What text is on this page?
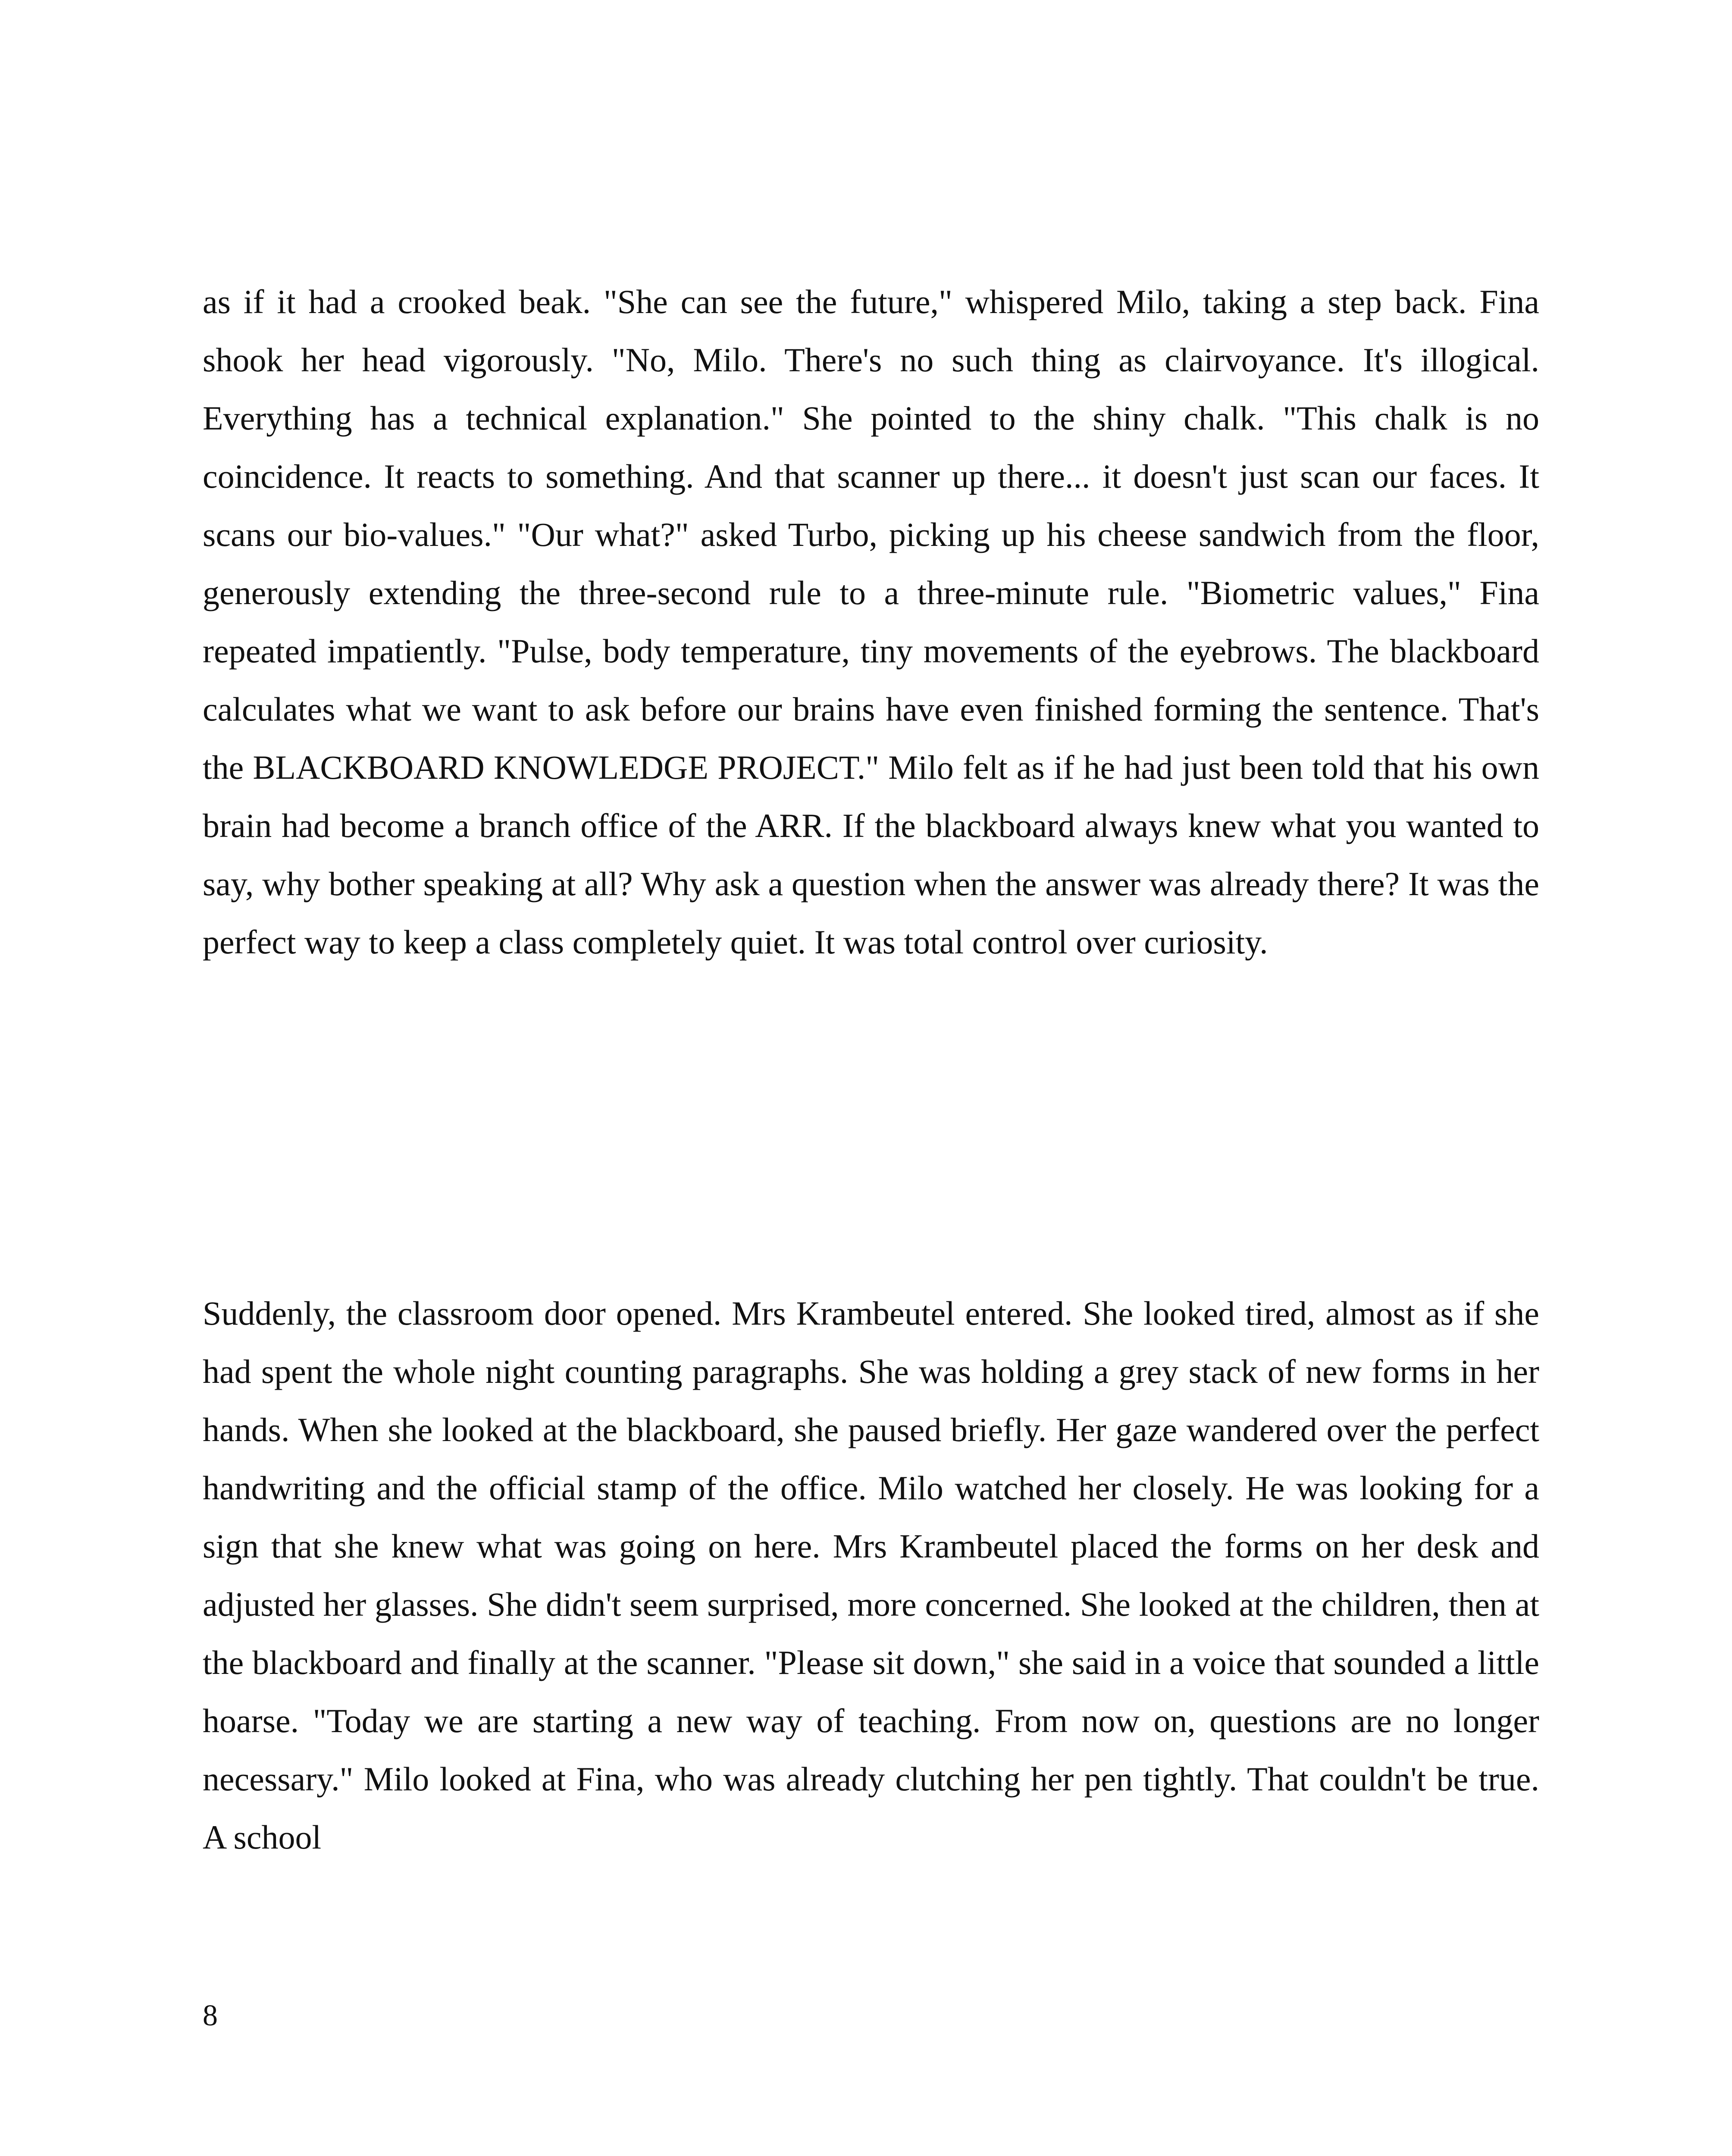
as if it had a crooked beak. "She can see the future," whispered Milo, taking a step back. Fina shook her head vigorously. "No, Milo. There's no such thing as clairvoyance. It's illogical. Everything has a technical explanation." She pointed to the shiny chalk. "This chalk is no coincidence. It reacts to something. And that scanner up there... it doesn't just scan our faces. It scans our bio-values." "Our what?" asked Turbo, picking up his cheese sandwich from the floor, generously extending the three-second rule to a three-minute rule. "Biometric values," Fina repeated impatiently. "Pulse, body temperature, tiny movements of the eyebrows. The blackboard calculates what we want to ask before our brains have even finished forming the sentence. That's the BLACKBOARD KNOWLEDGE PROJECT." Milo felt as if he had just been told that his own brain had become a branch office of the ARR. If the blackboard always knew what you wanted to say, why bother speaking at all? Why ask a question when the answer was already there? It was the perfect way to keep a class completely quiet. It was total control over curiosity.

Suddenly, the classroom door opened. Mrs Krambeutel entered. She looked tired, almost as if she had spent the whole night counting paragraphs. She was holding a grey stack of new forms in her hands. When she looked at the blackboard, she paused briefly. Her gaze wandered over the perfect handwriting and the official stamp of the office. Milo watched her closely. He was looking for a sign that she knew what was going on here. Mrs Krambeutel placed the forms on her desk and adjusted her glasses. She didn't seem surprised, more concerned. She looked at the children, then at the blackboard and finally at the scanner. "Please sit down," she said in a voice that sounded a little hoarse. "Today we are starting a new way of teaching. From now on, questions are no longer necessary." Milo looked at Fina, who was already clutching her pen tightly. That couldn't be true. A school

8
